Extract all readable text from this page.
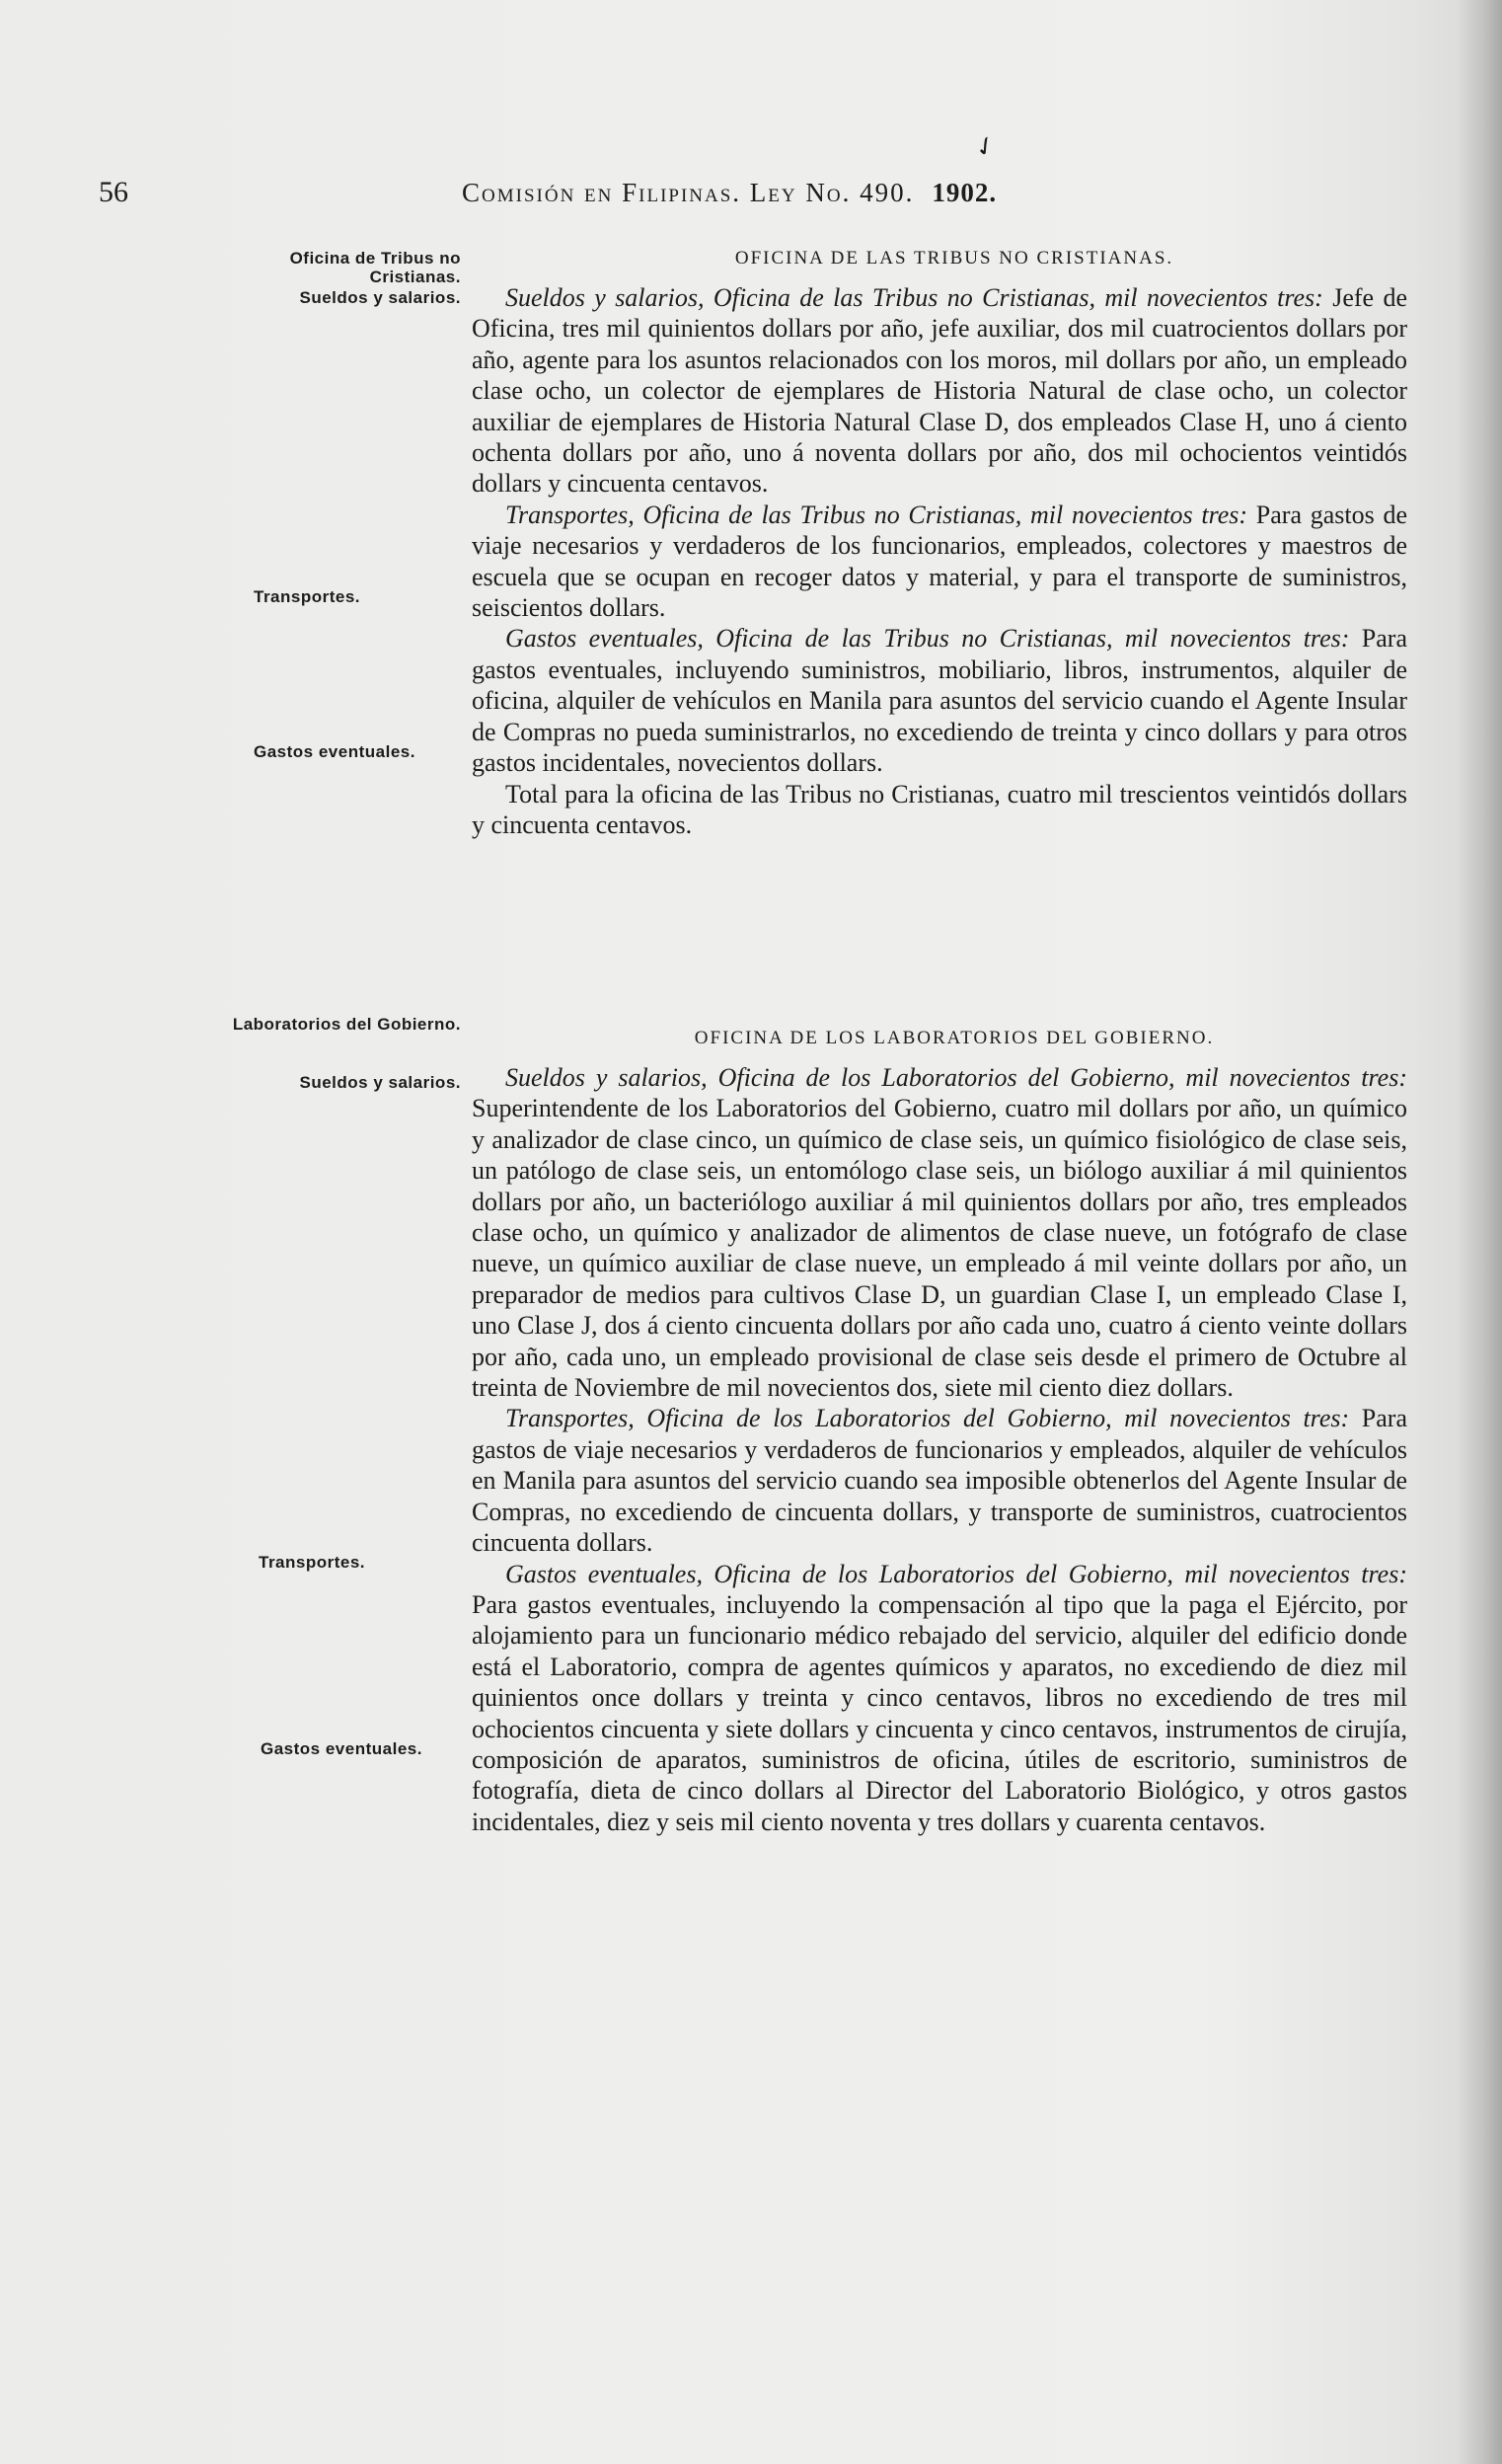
56	Comisión en Filipinas. Ley No. 490. 1902.
✓
Oficina de Tribus no Cristianas.
Sueldos y salarios.
Transportes.
Gastos eventuales.
Laboratorios del Gobierno.
Sueldos y salarios.
Transportes.
Gastos eventuales.
OFICINA DE LAS TRIBUS NO CRISTIANAS.

Sueldos y salarios, Oficina de las Tribus no Cristianas, mil novecientos tres: Jefe de Oficina, tres mil quinientos dollars por año, jefe auxiliar, dos mil cuatrocientos dollars por año, agente para los asuntos relacionados con los moros, mil dollars por año, un empleado clase ocho, un colector de ejemplares de Historia Natural de clase ocho, un colector auxiliar de ejemplares de Historia Natural Clase D, dos empleados Clase H, uno á ciento ochenta dollars por año, uno á noventa dollars por año, dos mil ochocientos veintidós dollars y cincuenta centavos.

Transportes, Oficina de las Tribus no Cristianas, mil novecientos tres: Para gastos de viaje necesarios y verdaderos de los funcionarios, empleados, colectores y maestros de escuela que se ocupan en recoger datos y material, y para el transporte de suministros, seiscientos dollars.

Gastos eventuales, Oficina de las Tribus no Cristianas, mil novecientos tres: Para gastos eventuales, incluyendo suministros, mobiliario, libros, instrumentos, alquiler de oficina, alquiler de vehículos en Manila para asuntos del servicio cuando el Agente Insular de Compras no pueda suministrarlos, no excediendo de treinta y cinco dollars y para otros gastos incidentales, novecientos dollars.

Total para la oficina de las Tribus no Cristianas, cuatro mil trescientos veintidós dollars y cincuenta centavos.

OFICINA DE LOS LABORATORIOS DEL GOBIERNO.

Sueldos y salarios, Oficina de los Laboratorios del Gobierno, mil novecientos tres: Superintendente de los Laboratorios del Gobierno, cuatro mil dollars por año, un químico y analizador de clase cinco, un químico de clase seis, un químico fisiológico de clase seis, un patólogo de clase seis, un entomólogo clase seis, un biólogo auxiliar á mil quinientos dollars por año, un bacteriólogo auxiliar á mil quinientos dollars por año, tres empleados clase ocho, un químico y analizador de alimentos de clase nueve, un fotógrafo de clase nueve, un químico auxiliar de clase nueve, un empleado á mil veinte dollars por año, un preparador de medios para cultivos Clase D, un guardian Clase I, un empleado Clase I, uno Clase J, dos á ciento cincuenta dollars por año cada uno, cuatro á ciento veinte dollars por año, cada uno, un empleado provisional de clase seis desde el primero de Octubre al treinta de Noviembre de mil novecientos dos, siete mil ciento diez dollars.

Transportes, Oficina de los Laboratorios del Gobierno, mil novecientos tres: Para gastos de viaje necesarios y verdaderos de funcionarios y empleados, alquiler de vehículos en Manila para asuntos del servicio cuando sea imposible obtenerlos del Agente Insular de Compras, no excediendo de cincuenta dollars, y transporte de suministros, cuatrocientos cincuenta dollars.

Gastos eventuales, Oficina de los Laboratorios del Gobierno, mil novecientos tres: Para gastos eventuales, incluyendo la compensación al tipo que la paga el Ejército, por alojamiento para un funcionario médico rebajado del servicio, alquiler del edificio donde está el Laboratorio, compra de agentes químicos y aparatos, no excediendo de diez mil quinientos once dollars y treinta y cinco centavos, libros no excediendo de tres mil ochocientos cincuenta y siete dollars y cincuenta y cinco centavos, instrumentos de cirujía, composición de aparatos, suministros de oficina, útiles de escritorio, suministros de fotografía, dieta de cinco dollars al Director del Laboratorio Biológico, y otros gastos incidentales, diez y seis mil ciento noventa y tres dollars y cuarenta centavos.
